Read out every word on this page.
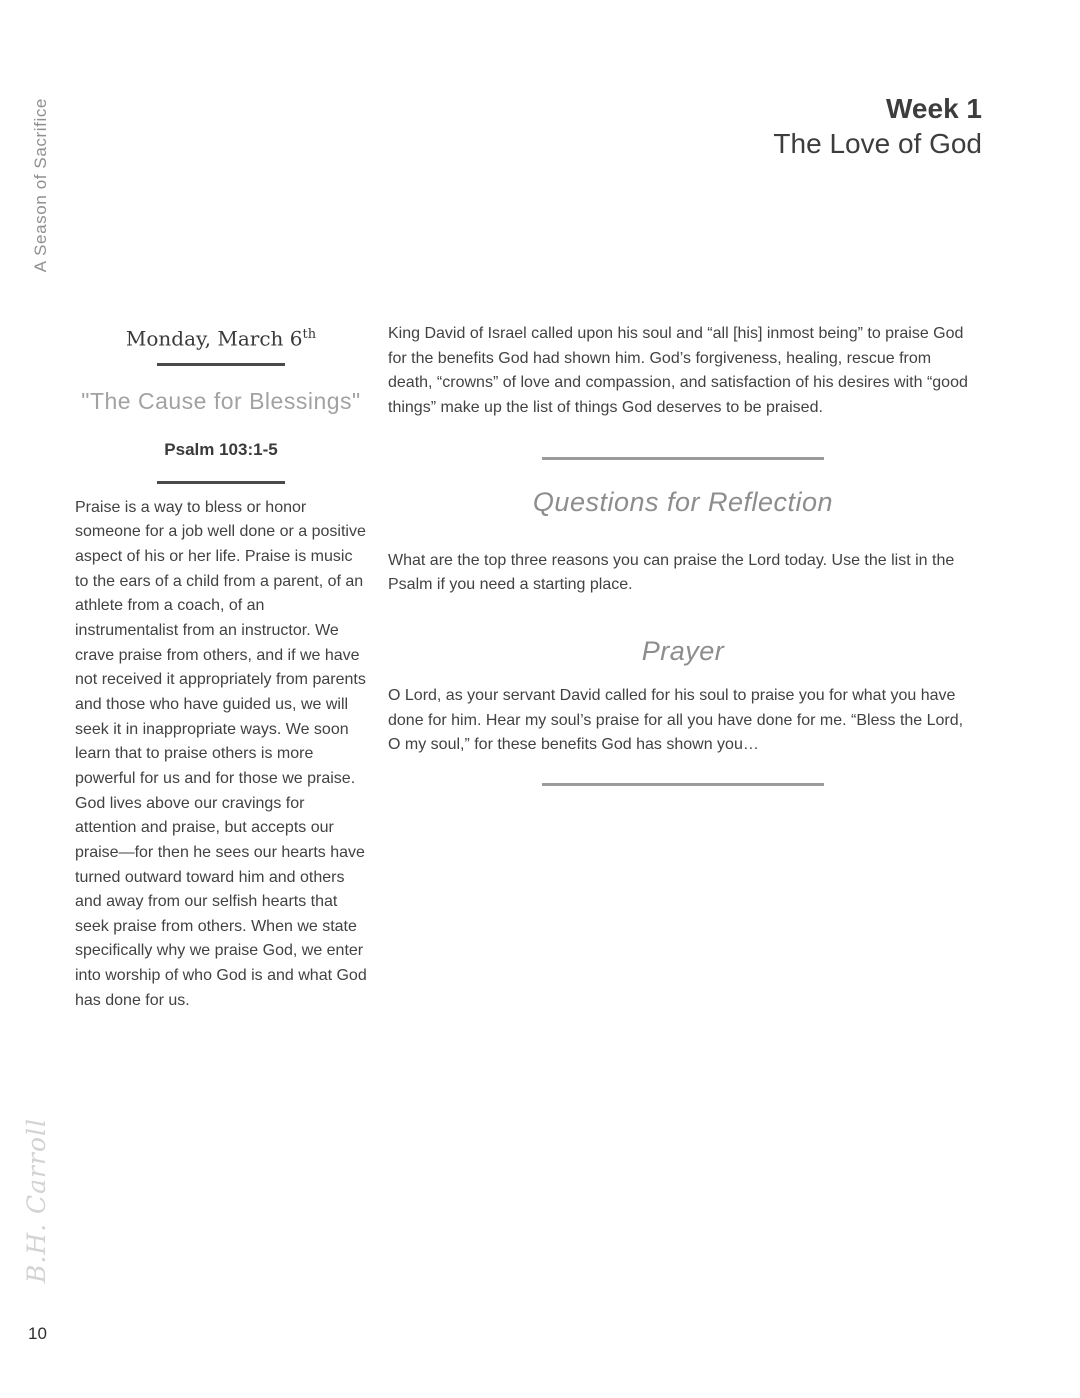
A Season of Sacrifice	Week 1
The Love of God
Monday, March 6th
"The Cause for Blessings"
Psalm 103:1-5

Praise is a way to bless or honor someone for a job well done or a positive aspect of his or her life. Praise is music to the ears of a child from a parent, of an athlete from a coach, of an instrumentalist from an instructor. We crave praise from others, and if we have not received it appropriately from parents and those who have guided us, we will seek it in inappropriate ways. We soon learn that to praise others is more powerful for us and for those we praise. God lives above our cravings for attention and praise, but accepts our praise—for then he sees our hearts have turned outward toward him and others and away from our selfish hearts that seek praise from others. When we state specifically why we praise God, we enter into worship of who God is and what God has done for us.

King David of Israel called upon his soul and “all [his] inmost being” to praise God for the benefits God had shown him. God’s forgiveness, healing, rescue from death, “crowns” of love and compassion, and satisfaction of his desires with “good things” make up the list of things God deserves to be praised.

Questions for Reflection

What are the top three reasons you can praise the Lord today. Use the list in the Psalm if you need a starting place.

Prayer

O Lord, as your servant David called for his soul to praise you for what you have done for him. Hear my soul’s praise for all you have done for me. “Bless the Lord, O my soul,” for these benefits God has shown you…

B.H. Carroll
10
